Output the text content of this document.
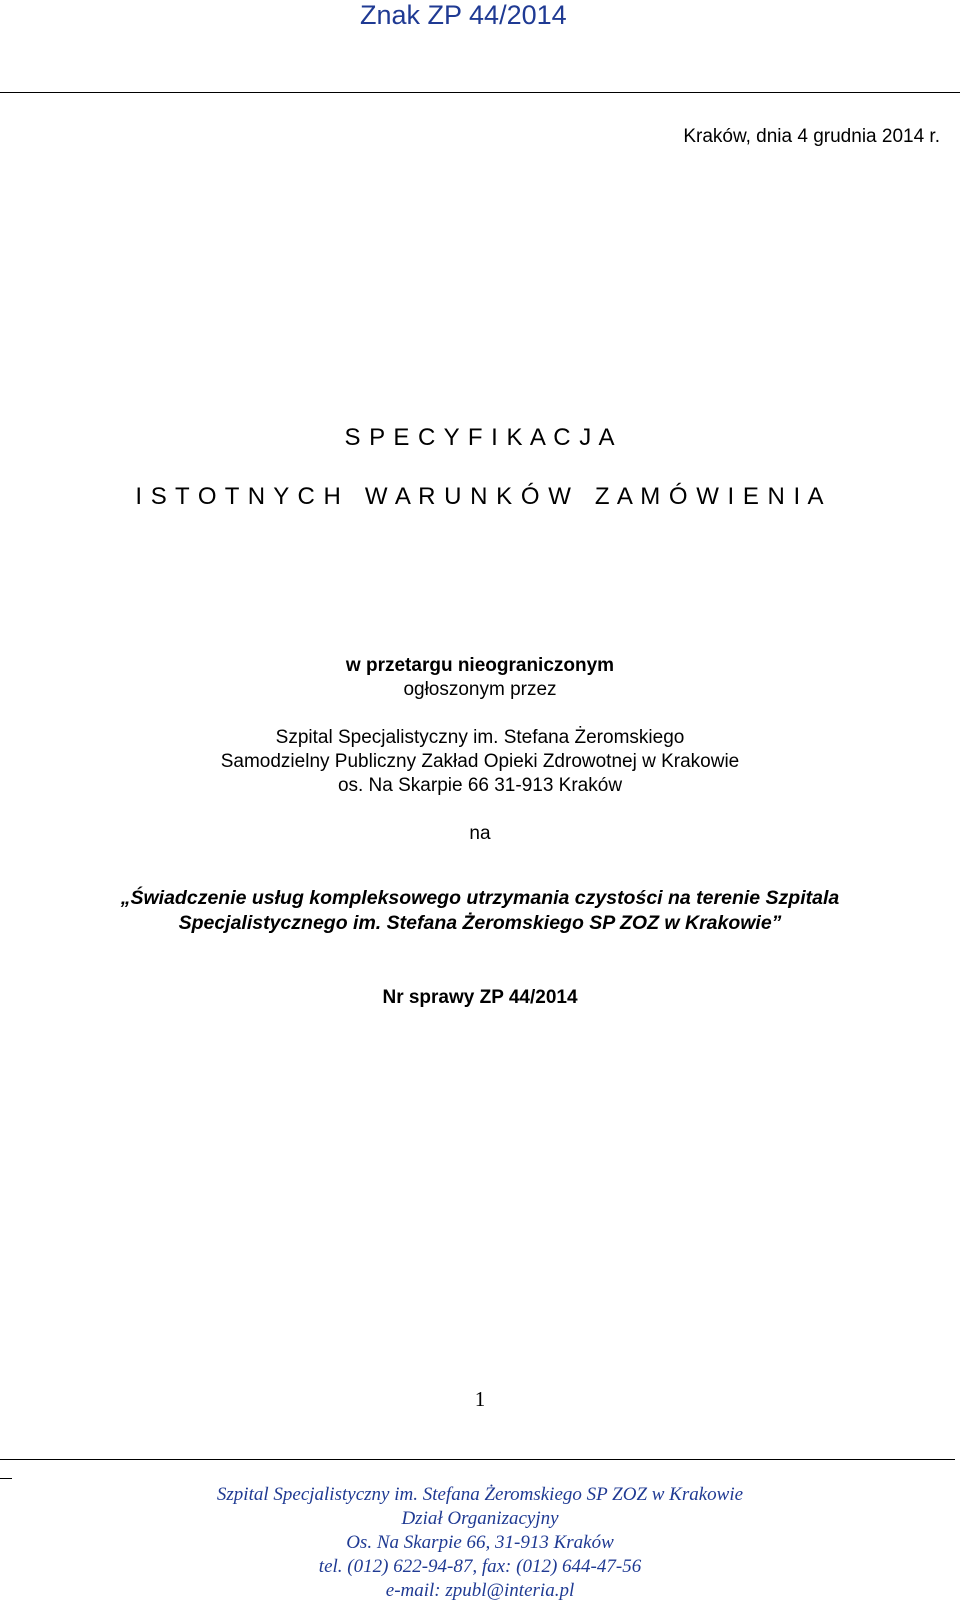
Znak ZP 44/2014
Kraków, dnia 4 grudnia 2014 r.
S P E C Y F I K A C J A
I S T O T N Y C H   W A R U N K Ó W   Z A M Ó W I E N I A
w przetargu nieograniczonym
ogłoszonym przez
Szpital Specjalistyczny im. Stefana Żeromskiego
Samodzielny Publiczny Zakład Opieki Zdrowotnej w Krakowie
os. Na Skarpie 66 31-913 Kraków
na
„Świadczenie usług kompleksowego utrzymania czystości na terenie Szpitala
Specjalistycznego im. Stefana Żeromskiego SP ZOZ w Krakowie”
Nr sprawy ZP 44/2014
1
Szpital Specjalistyczny im. Stefana Żeromskiego SP ZOZ w Krakowie
Dział Organizacyjny
Os. Na Skarpie 66, 31-913 Kraków
tel. (012) 622-94-87, fax: (012) 644-47-56
e-mail: zpubl@interia.pl
